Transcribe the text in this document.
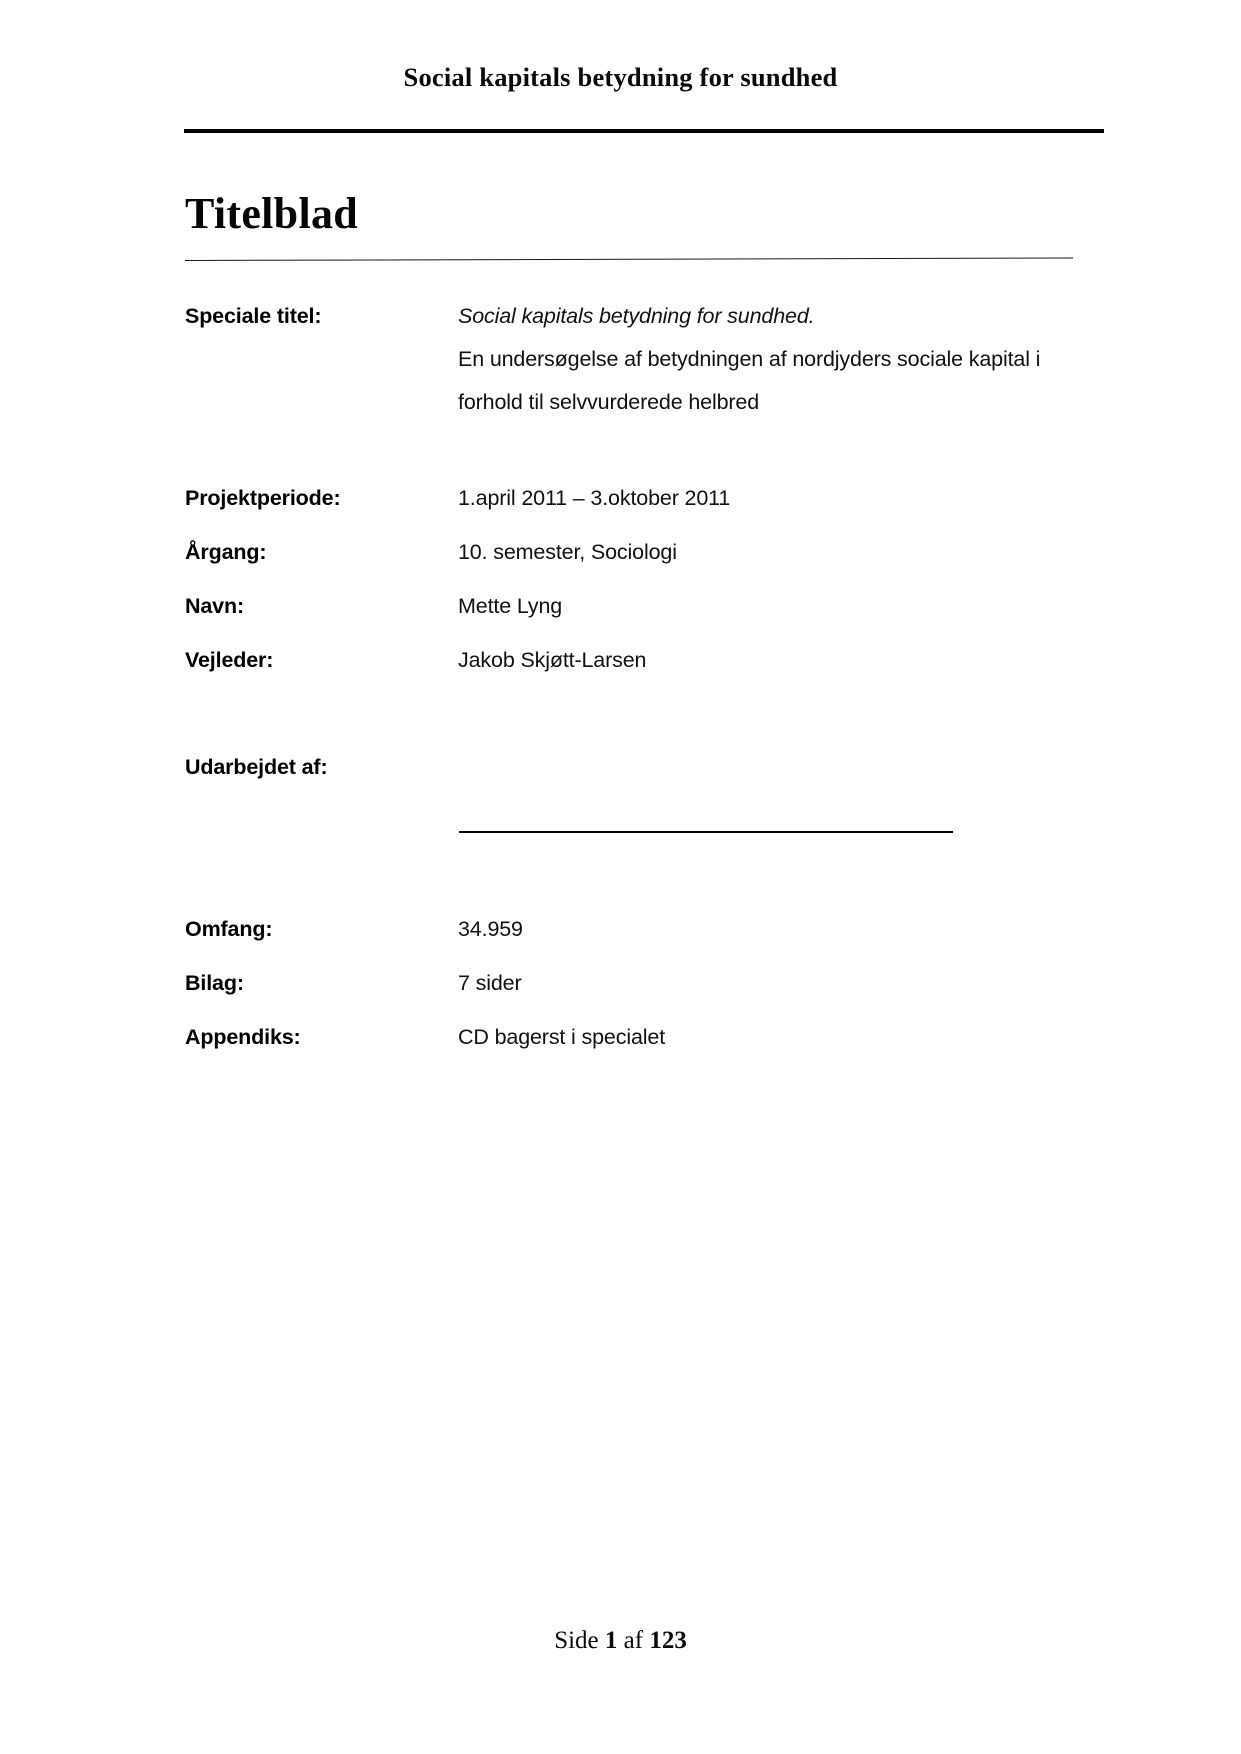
Social kapitals betydning for sundhed
Titelblad
Speciale titel:	Social kapitals betydning for sundhed.
En undersøgelse af betydningen af nordjyders sociale kapital i
forhold til selvvurderede helbred
Projektperiode:	1.april 2011 – 3.oktober 2011
Årgang:	10. semester, Sociologi
Navn:	Mette Lyng
Vejleder:	Jakob Skjøtt-Larsen
Udarbejdet af:
Omfang:	34.959
Bilag:	7 sider
Appendiks:	CD bagerst i specialet
Side 1 af 123
